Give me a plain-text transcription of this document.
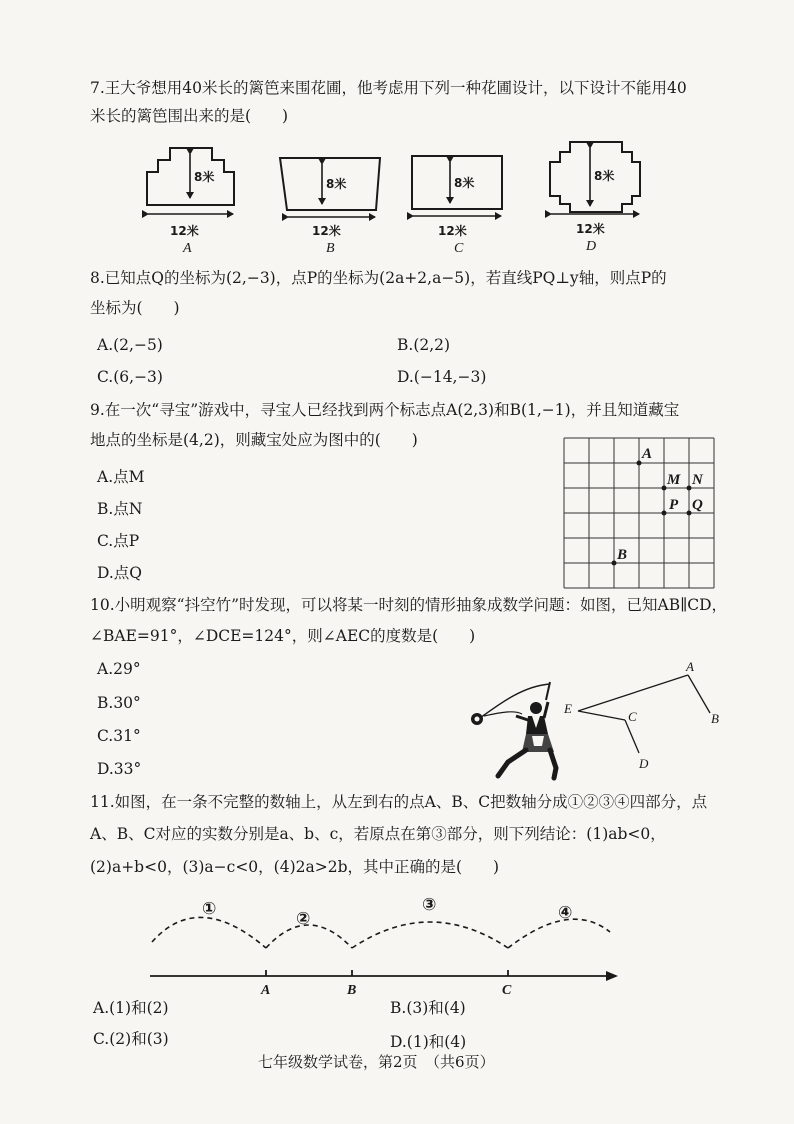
7.王大爷想用40米长的篱笆来围花圃，他考虑用下列一种花圃设计，以下设计不能用40
米长的篱笆围出来的是(　　)
8米	8米	8米	8米
12米	12米	12米	12米
A	B	C	D
8.已知点Q的坐标为(2,−3)，点P的坐标为(2a+2,a−5)，若直线PQ⊥y轴，则点P的
坐标为(　　)
A.(2,−5)	B.(2,2)
C.(6,−3)	D.(−14,−3)
9.在一次“寻宝”游戏中，寻宝人已经找到两个标志点A(2,3)和B(1,−1)，并且知道藏宝
地点的坐标是(4,2)，则藏宝处应为图中的(　　)
A.点M
B.点N
C.点P
D.点Q
A
M N
P Q
B
10.小明观察“抖空竹”时发现，可以将某一时刻的情形抽象成数学问题：如图，已知AB∥CD，
∠BAE=91°，∠DCE=124°，则∠AEC的度数是(　　)
A.29°
B.30°
C.31°
D.33°
A
B
C
D
E
11.如图，在一条不完整的数轴上，从左到右的点A、B、C把数轴分成①②③④四部分，点
A、B、C对应的实数分别是a、b、c，若原点在第③部分，则下列结论：(1)ab<0，
(2)a+b<0，(3)a−c<0，(4)2a>2b，其中正确的是(　　)
①	②
③	④
A	B	C
A.(1)和(2)	B.(3)和(4)
C.(2)和(3)	D.(1)和(4)
七年级数学试卷，第2页　（共6页）
